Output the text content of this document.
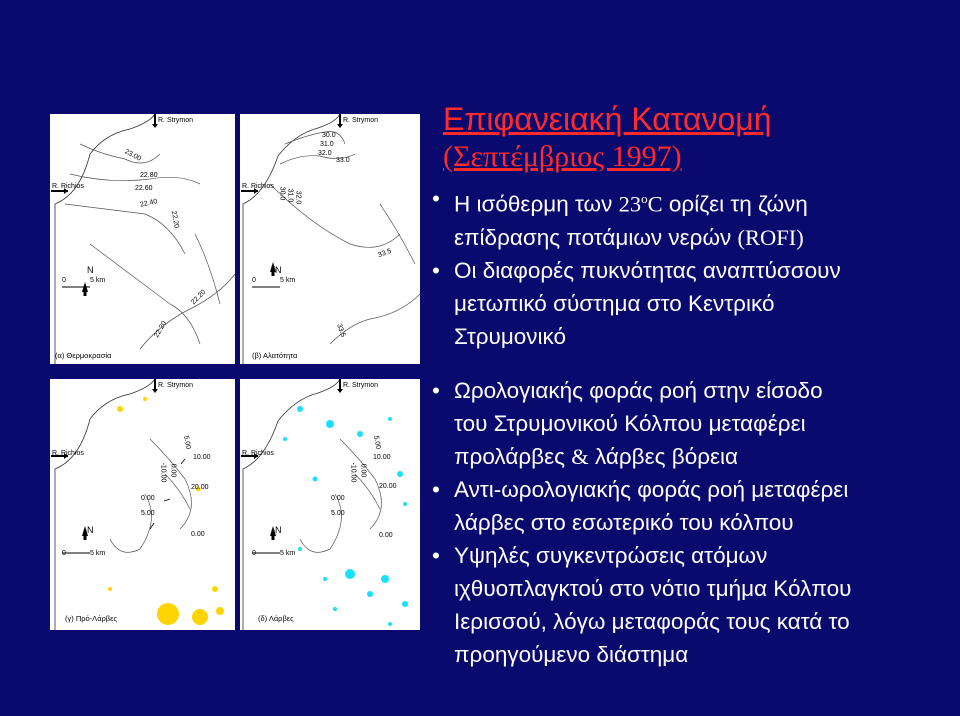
R. Strymon
R. Richios
23.00
22.80
22.60
22.40
22.20
22.20
22.20
N
0	5 km
(α) Θερμοκρασία
R. Strymon
R. Richios
30.0
31.0
32.0
33.0
32.0
31.0
30.0
33.5
33.5
N
0	5 km
(β) Αλατότητα
R. Strymon
R. Richios
5.00
10.00
-10.00 0.00
20.00
0.00
5.00
0.00
N
0	5 km
(γ) Πρό-Λάρβες
R. Strymon
R. Richios
5.00
10.00
-10.00 0.00
20.00
0.00
5.00
0.00
N
0	5 km
(δ) Λάρβες
Επιφανειακή Κατανομή
(Σεπτέμβριος 1997)
• Η ισόθερμη των 23$^o$C ορίζει τη ζώνη
επίδρασης ποτάμιων νερών (ROFI)
• Οι διαφορές πυκνότητας αναπτύσσουν
μετωπικό σύστημα στο Κεντρικό
Στρυμονικό
• Ωρολογιακής φοράς ροή στην είσοδο
του Στρυμονικού Κόλπου μεταφέρει
προλάρβες & λάρβες βόρεια
• Αντι-ωρολογιακής φοράς ροή μεταφέρει
λάρβες στο εσωτερικό του κόλπου
• Υψηλές συγκεντρώσεις ατόμων
ιχθυοπλαγκτού στο νότιο τμήμα Κόλπου
Ιερισσού, λόγω μεταφοράς τους κατά το
προηγούμενο διάστημα
